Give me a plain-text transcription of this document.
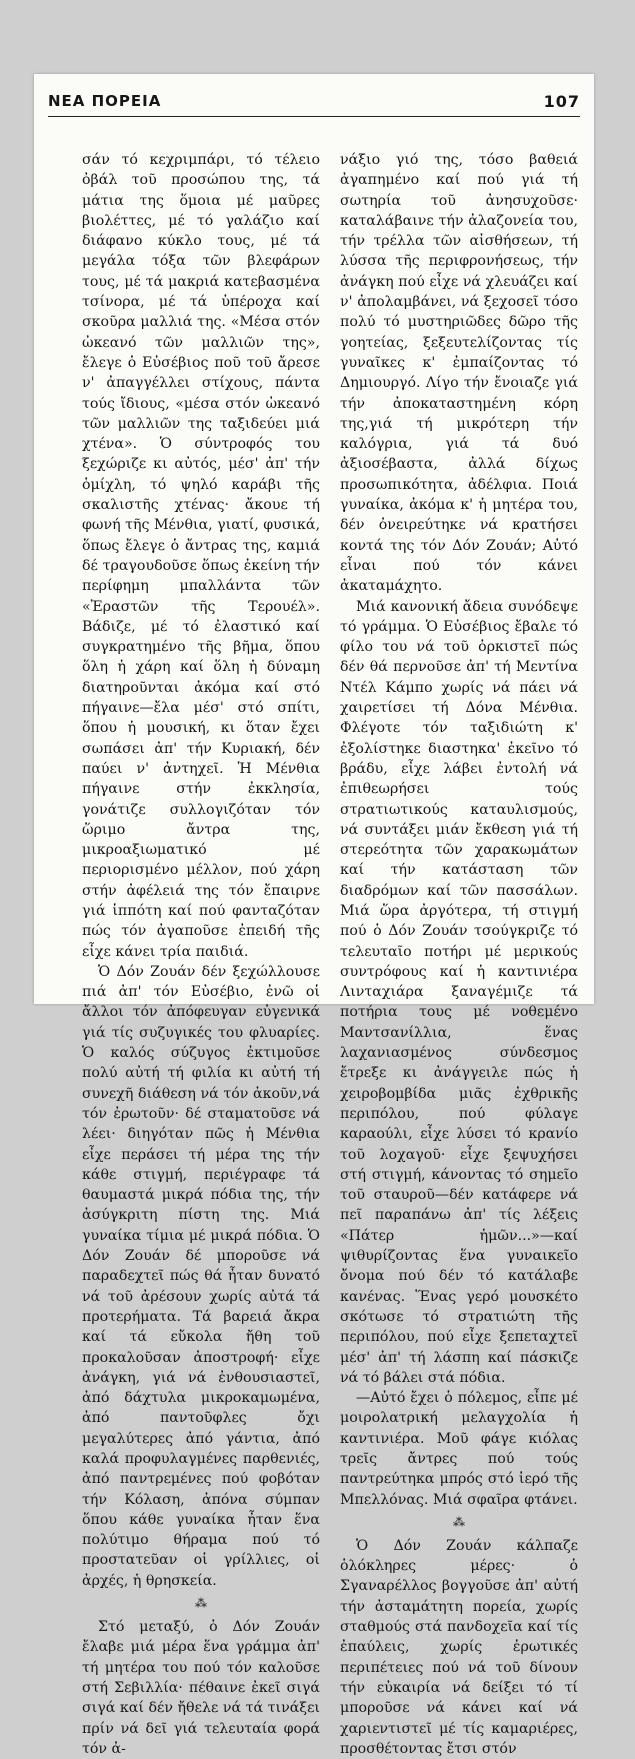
ΝΕΑ ΠΟΡΕΙΑ	107

σάν τό κεχριμπάρι, τό τέλειο ὀβάλ τοῦ προσώπου της, τά μάτια της ὅμοια μέ μαῦρες βιολέττες, μέ τό γαλάζιο καί διάφανο κύκλο τους, μέ τά μεγάλα τόξα τῶν βλεφάρων τους, μέ τά μακριά κατεβασμένα τσίνορα, μέ τά ὑπέροχα καί σκοῦρα μαλλιά της. «Μέσα στόν ὠκεανό τῶν μαλλιῶν της», ἔλεγε ὁ Εὐσέβιος ποῦ τοῦ ἄρεσε ν' ἀπαγγέλλει στίχους, πάντα τούς ἴδιους, «μέσα στόν ὠκεανό τῶν μαλλιῶν της ταξιδεύει μιά χτένα». Ὁ σύντροφός του ξεχώριζε κι αὐτός, μέσ' ἀπ' τήν ὁμίχλη, τό ψηλό καράβι τῆς σκαλιστῆς χτένας· ἄκουε τή φωνή τῆς Μένθια, γιατί, φυσικά, ὅπως ἔλεγε ὁ ἄντρας της, καμιά δέ τραγουδοῦσε ὅπως ἐκείνη τήν περίφημη μπαλλάντα τῶν «Ἐραστῶν τῆς Τερουέλ». Βάδιζε, μέ τό ἐλαστικό καί συγκρατημένο τῆς βῆμα, ὅπου ὅλη ἡ χάρη καί ὅλη ἡ δύναμη διατηροῦνται ἀκόμα καί στό πήγαινε—ἔλα μέσ' στό σπίτι, ὅπου ἡ μουσική, κι ὅταν ἔχει σωπάσει ἀπ' τήν Κυριακή, δέν παύει ν' ἀντηχεῖ. Ἡ Μένθια πήγαινε στήν ἐκκλησία, γονάτιζε συλλογιζόταν τόν ὥριμο ἄντρα της, μικροαξιωματικό μέ περιορισμένο μέλλον, πού χάρη στήν ἀφέλειά της τόν ἔπαιρνε γιά ἱππότη καί πού φανταζόταν πώς τόν ἀγαποῦσε ἐπειδή τῆς εἶχε κάνει τρία παιδιά.

Ὁ Δόν Ζουάν δέν ξεχώλλουσε πιά ἀπ' τόν Εὐσέβιο, ἐνῶ οἱ ἄλλοι τόν ἀπόφευγαν εὐγενικά γιά τίς συζυγικές του φλυαρίες. Ὁ καλός σύζυγος ἐκτιμοῦσε πολύ αὐτή τή φιλία κι αὐτή τή συνεχῆ διάθεση νά τόν ἀκοῦν,νά τόν ἐρωτοῦν· δέ σταματοῦσε νά λέει· διηγόταν πῶς ἡ Μένθια εἶχε περάσει τή μέρα της τήν κάθε στιγμή, περιέγραφε τά θαυμαστά μικρά πόδια της, τήν ἀσύγκριτη πίστη της. Μιά γυναίκα τίμια μέ μικρά πόδια. Ὁ Δόν Ζουάν δέ μποροῦσε νά παραδεχτεῖ πώς θά ἦταν δυνατό νά τοῦ ἀρέσουν χωρίς αὐτά τά προτερήματα. Τά βαρειά ἄκρα καί τά εὔκολα ἤθη τοῦ προκαλοῦσαν ἀποστροφή· εἶχε ἀνάγκη, γιά νά ἐνθουσιαστεῖ, ἀπό δάχτυλα μικροκαμωμένα, ἀπό παντοῦφλες ὄχι μεγαλύτερες ἀπό γάντια, ἀπό καλά προφυλαγμένες παρθενιές, ἀπό παντρεμένες πού φοβόταν τήν Κόλαση, ἀπόνα σύμπαν ὅπου κάθε γυναίκα ἦταν ἕνα πολύτιμο θήραμα πού τό προστατεῦαν οἱ γρίλλιες, οἱ ἀρχές, ἡ θρησκεία.

⁂

Στό μεταξύ, ὁ Δόν Ζουάν ἔλαβε μιά μέρα ἕνα γράμμα ἀπ' τή μητέρα του πού τόν καλοῦσε στή Σεβιλλία· πέθαινε ἐκεῖ σιγά σιγά καί δέν ἤθελε νά τά τινάξει πρίν νά δεῖ γιά τελευταία φορά τόν ἀ-

νάξιο γιό της, τόσο βαθειά ἀγαπημένο καί πού γιά τή σωτηρία τοῦ ἀνησυχοῦσε· καταλάβαινε τήν ἀλαζονεία του, τήν τρέλλα τῶν αἰσθήσεων, τή λύσσα τῆς περιφρονήσεως, τήν ἀνάγκη πού εἶχε νά χλευάζει καί ν' ἀπολαμβάνει, νά ξεχοσεῖ τόσο πολύ τό μυστηριῶδες δῶρο τῆς γοητείας, ξεξευτελίζοντας τίς γυναῖκες κ' ἐμπαίζοντας τό Δημιουργό. Λίγο τήν ἔνοιαζε γιά τήν ἀποκαταστημένη κόρη της,γιά τή μικρότερη τήν καλόγρια, γιά τά δυό ἀξιοσέβαστα, ἀλλά δίχως προσωπικότητα, ἀδέλφια. Ποιά γυναίκα, ἀκόμα κ' ἡ μητέρα του, δέν ὀνειρεύτηκε νά κρατήσει κοντά της τόν Δόν Ζουάν; Αὐτό εἶναι πού τόν κάνει ἀκαταμάχητο.

Μιά κανονική ἄδεια συνόδεψε τό γράμμα. Ὁ Εὐσέβιος ἔβαλε τό φίλο του νά τοῦ ὁρκιστεῖ πώς δέν θά περνοῦσε ἀπ' τή Μεντίνα Ντέλ Κάμπο χωρίς νά πάει νά χαιρετίσει τή Δόνα Μένθια. Φλέγοτε τόν ταξιδιώτη κ' ἐξολίστηκε διαστηκα' ἐκεῖνο τό βράδυ, εἶχε λάβει ἐντολή νά ἐπιθεωρήσει τούς στρατιωτικούς καταυλισμούς, νά συντάξει μιάν ἔκθεση γιά τή στερεότητα τῶν χαρακωμάτων καί τήν κατάσταση τῶν διαδρόμων καί τῶν πασσάλων. Μιά ὥρα ἀργότερα, τή στιγμή πού ὁ Δόν Ζουάν τσούγκριζε τό τελευταῖο ποτήρι μέ μερικούς συντρόφους καί ἡ καντινιέρα Λινταχιάρα ξαναγέμιζε τά ποτήρια τους μέ νοθεμένο Μαντσανίλλια, ἕνας λαχανιασμένος σύνδεσμος ἔτρεξε κι ἀνάγγειλε πώς ἡ χειροβομβίδα μιᾶς ἐχθρικῆς περιπόλου, πού φύλαγε καραούλι, εἶχε λύσει τό κρανίο τοῦ λοχαγοῦ· εἶχε ξεψυχήσει στή στιγμή, κάνοντας τό σημεῖο τοῦ σταυροῦ—δέν κατάφερε νά πεῖ παραπάνω ἀπ' τίς λέξεις «Πάτερ ἡμῶν...»—καί ψιθυρίζοντας ἕνα γυναικεῖο ὄνομα πού δέν τό κατάλαβε κανένας. Ἕνας γερό μουσκέτο σκότωσε τό στρατιώτη τῆς περιπόλου, πού εἶχε ξεπεταχτεῖ μέσ' ἀπ' τή λάσπη καί πάσκιζε νά τό βάλει στά πόδια.

—Αὐτό ἔχει ὁ πόλεμος, εἶπε μέ μοιρολατρική μελαγχολία ἡ καντινιέρα. Μοῦ φάγε κιόλας τρεῖς ἄντρες πού τούς παντρεύτηκα μπρός στό ἱερό τῆς Μπελλόνας. Μιά σφαῖρα φτάνει.

⁂

Ὁ Δόν Ζουάν κάλπαζε ὁλόκληρες μέρες· ὁ Σγαναρέλλος βογγοῦσε ἀπ' αὐτή τήν ἀσταμάτητη πορεία, χωρίς σταθμούς στά πανδοχεῖα καί τίς ἐπαύλεις, χωρίς ἐρωτικές περιπέτειες πού νά τοῦ δίνουν τήν εὐκαιρία νά δείξει τό τί μποροῦσε νά κάνει καί νά χαριεντιστεῖ μέ τίς καμαριέρες, προσθέτοντας ἔτσι στόν
